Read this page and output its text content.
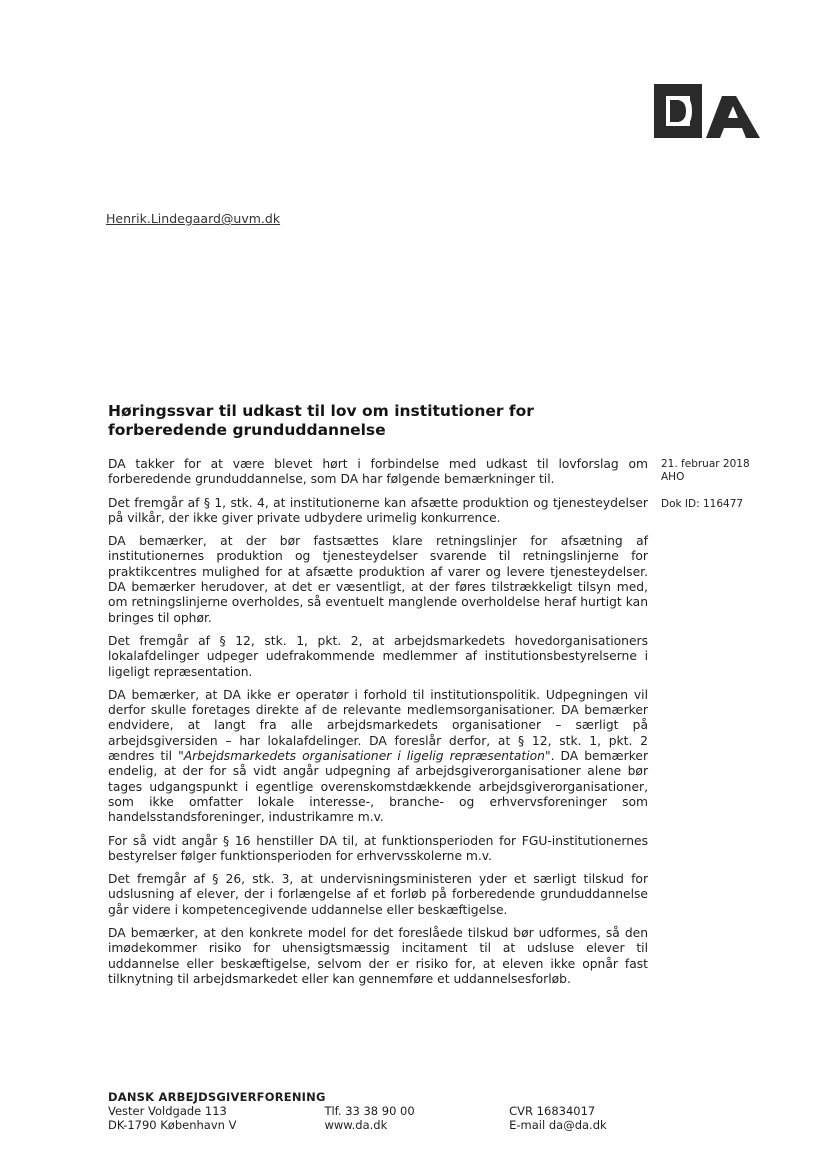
Henrik.Lindegaard@uvm.dk
Høringssvar til udkast til lov om institutioner for forberedende grunduddannelse
21. februar 2018
AHO
Dok ID: 116477

DA takker for at være blevet hørt i forbindelse med udkast til lovforslag om forberedende grunduddannelse, som DA har følgende bemærkninger til.

Det fremgår af § 1, stk. 4, at institutionerne kan afsætte produktion og tjenesteydelser på vilkår, der ikke giver private udbydere urimelig konkurrence.

DA bemærker, at der bør fastsættes klare retningslinjer for afsætning af institutionernes produktion og tjenesteydelser svarende til retningslinjerne for praktikcentres mulighed for at afsætte produktion af varer og levere tjenesteydelser. DA bemærker herudover, at det er væsentligt, at der føres tilstrækkeligt tilsyn med, om retningslinjerne overholdes, så eventuelt manglende overholdelse heraf hurtigt kan bringes til ophør.

Det fremgår af § 12, stk. 1, pkt. 2, at arbejdsmarkedets hovedorganisationers lokalafdelinger udpeger udefrakommende medlemmer af institutionsbestyrelserne i ligeligt repræsentation.

DA bemærker, at DA ikke er operatør i forhold til institutionspolitik. Udpegningen vil derfor skulle foretages direkte af de relevante medlemsorganisationer. DA bemærker endvidere, at langt fra alle arbejdsmarkedets organisationer – særligt på arbejdsgiversiden – har lokalafdelinger. DA foreslår derfor, at § 12, stk. 1, pkt. 2 ændres til "Arbejdsmarkedets organisationer i ligelig repræsentation". DA bemærker endelig, at der for så vidt angår udpegning af arbejdsgiverorganisationer alene bør tages udgangspunkt i egentlige overenskomstdækkende arbejdsgiverorganisationer, som ikke omfatter lokale interesse-, branche- og erhvervsforeninger som handelsstandsforeninger, industrikamre m.v.

For så vidt angår § 16 henstiller DA til, at funktionsperioden for FGU-institutionernes bestyrelser følger funktionsperioden for erhvervsskolerne m.v.

Det fremgår af § 26, stk. 3, at undervisningsministeren yder et særligt tilskud for udslusning af elever, der i forlængelse af et forløb på forberedende grunduddannelse går videre i kompetencegivende uddannelse eller beskæftigelse.

DA bemærker, at den konkrete model for det foreslåede tilskud bør udformes, så den imødekommer risiko for uhensigtsmæssig incitament til at udsluse elever til uddannelse eller beskæftigelse, selvom der er risiko for, at eleven ikke opnår fast tilknytning til arbejdsmarkedet eller kan gennemføre et uddannelsesforløb.

DANSK ARBEJDSGIVERFORENING
Vester Voldgade 113
DK-1790 København V
Tlf. 33 38 90 00
www.da.dk
CVR 16834017
E-mail da@da.dk
